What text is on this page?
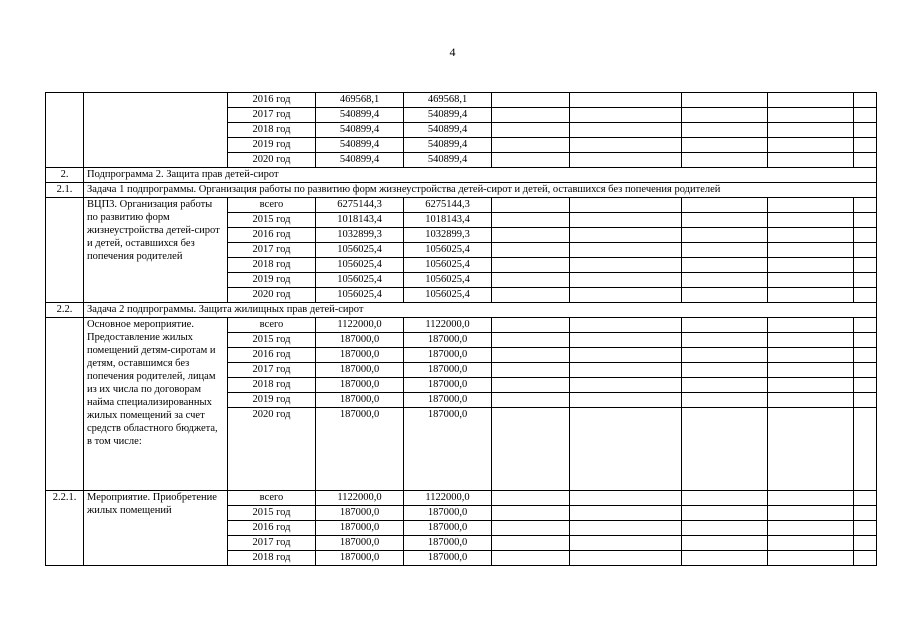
4
		2016 год	469568,1	469568,1					
		2017 год	540899,4	540899,4					
		2018 год	540899,4	540899,4					
		2019 год	540899,4	540899,4					
		2020 год	540899,4	540899,4					
2.	Подпрограмма 2. Защита прав детей-сирот								
2.1.	Задача 1 подпрограммы. Организация работы по развитию форм жизнеустройства детей-сирот и детей, оставшихся без попечения родителей								
	ВЦП3. Организация работы по развитию форм жизнеустройства детей-сирот и детей, оставшихся без попечения родителей	всего	6275144,3	6275144,3					
		2015 год	1018143,4	1018143,4					
		2016 год	1032899,3	1032899,3					
		2017 год	1056025,4	1056025,4					
		2018 год	1056025,4	1056025,4					
		2019 год	1056025,4	1056025,4					
		2020 год	1056025,4	1056025,4					
2.2.	Задача 2 подпрограммы. Защита жилищных прав детей-сирот								
	Основное мероприятие. Предоставление жилых помещений детям-сиротам и детям, оставшимся без попечения родителей, лицам из их числа по договорам найма специализированных жилых помещений за счет средств областного бюджета, в том числе:	всего	1122000,0	1122000,0					
		2015 год	187000,0	187000,0					
		2016 год	187000,0	187000,0					
		2017 год	187000,0	187000,0					
		2018 год	187000,0	187000,0					
		2019 год	187000,0	187000,0					
		2020 год	187000,0	187000,0					
2.2.1.	Мероприятие. Приобретение жилых помещений	всего	1122000,0	1122000,0					
		2015 год	187000,0	187000,0					
		2016 год	187000,0	187000,0					
		2017 год	187000,0	187000,0					
		2018 год	187000,0	187000,0					
